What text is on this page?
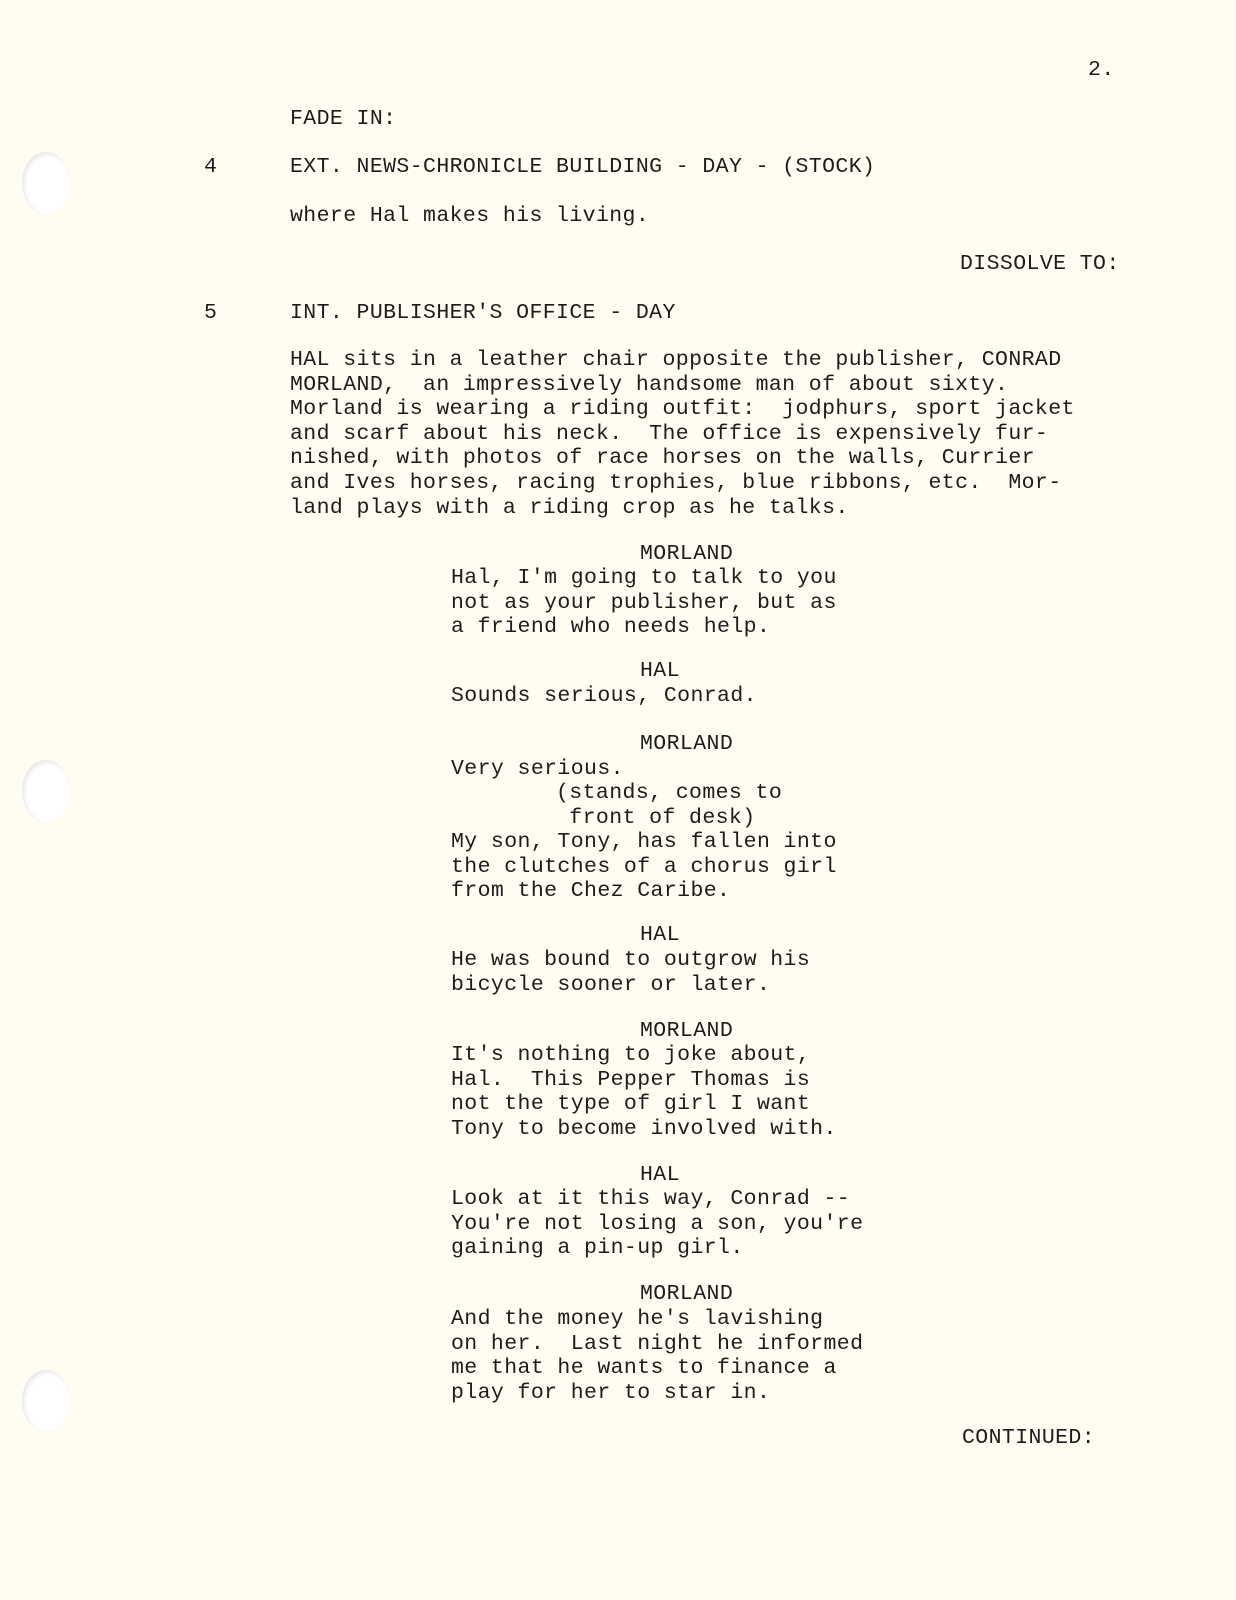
2.

FADE IN:

4	EXT. NEWS-CHRONICLE BUILDING - DAY - (STOCK)

where Hal makes his living.

DISSOLVE TO:

5	INT. PUBLISHER'S OFFICE - DAY

HAL sits in a leather chair opposite the publisher, CONRAD
MORLAND,  an impressively handsome man of about sixty.
Morland is wearing a riding outfit:  jodphurs, sport jacket
and scarf about his neck.  The office is expensively fur-
nished, with photos of race horses on the walls, Currier
and Ives horses, racing trophies, blue ribbons, etc.  Mor-
land plays with a riding crop as he talks.

MORLAND

Hal, I'm going to talk to you
not as your publisher, but as
a friend who needs help.

HAL

Sounds serious, Conrad.

MORLAND

Very serious.
(stands, comes to
front of desk)
My son, Tony, has fallen into
the clutches of a chorus girl
from the Chez Caribe.

HAL

He was bound to outgrow his
bicycle sooner or later.

MORLAND

It's nothing to joke about,
Hal.  This Pepper Thomas is
not the type of girl I want
Tony to become involved with.

HAL

Look at it this way, Conrad --
You're not losing a son, you're
gaining a pin-up girl.

MORLAND

And the money he's lavishing
on her.  Last night he informed
me that he wants to finance a
play for her to star in.

CONTINUED:
